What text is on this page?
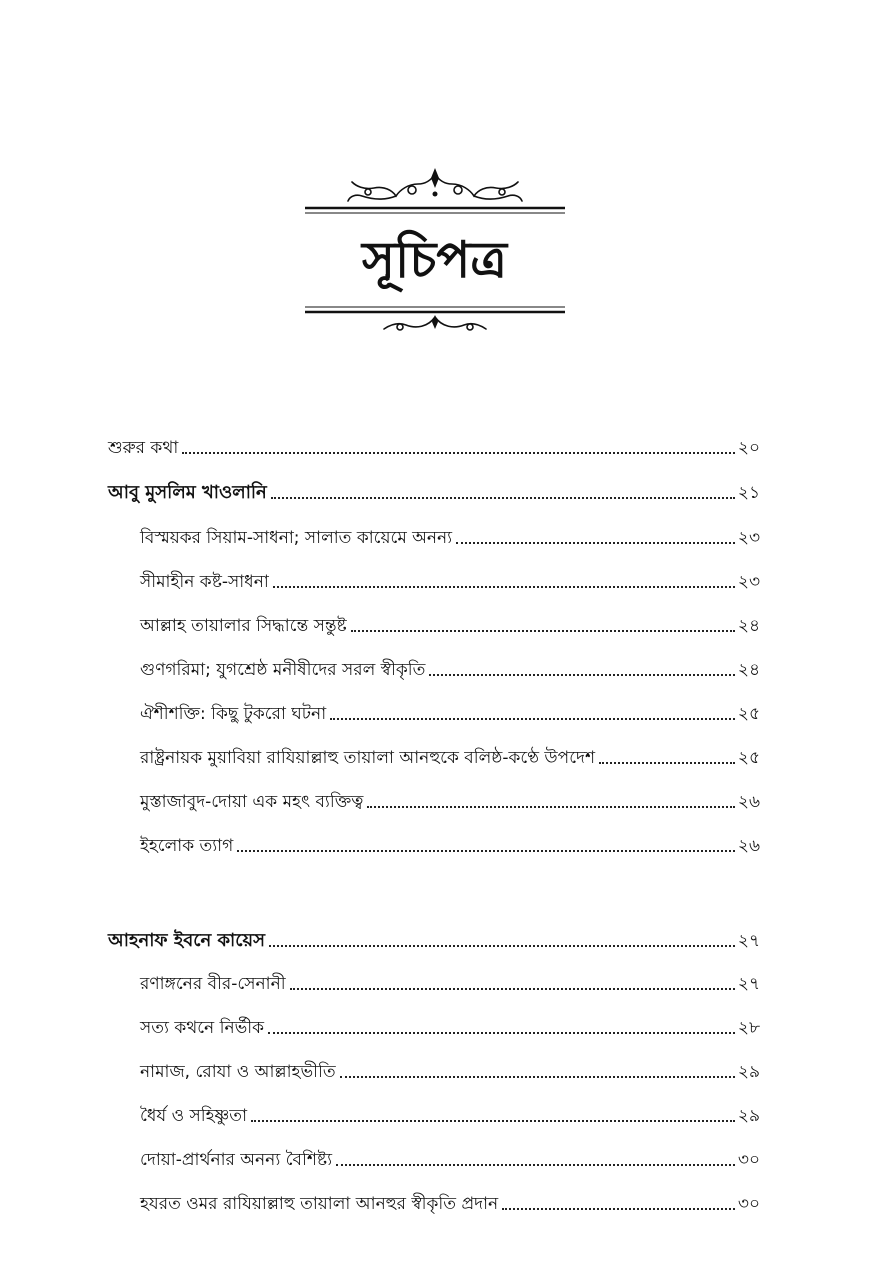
সূচিপত্র
শুরুর কথা	২০
আবু মুসলিম খাওলানি	২১
বিস্ময়কর সিয়াম-সাধনা; সালাত কায়েমে অনন্য	২৩
সীমাহীন কষ্ট-সাধনা	২৩
আল্লাহ তায়ালার সিদ্ধান্তে সন্তুষ্ট	২৪
গুণগরিমা; যুগশ্রেষ্ঠ মনীষীদের সরল স্বীকৃতি	২৪
ঐশীশক্তি: কিছু টুকরো ঘটনা	২৫
রাষ্ট্রনায়ক মুয়াবিয়া রাযিয়াল্লাহু তায়ালা আনহুকে বলিষ্ঠ-কণ্ঠে উপদেশ	২৫
মুস্তাজাবুদ-দোয়া এক মহৎ ব্যক্তিত্ব	২৬
ইহলোক ত্যাগ	২৬
আহনাফ ইবনে কায়েস	২৭
রণাঙ্গনের বীর-সেনানী	২৭
সত্য কথনে নির্ভীক	২৮
নামাজ, রোযা ও আল্লাহভীতি	২৯
ধৈর্য ও সহিষ্ণুতা	২৯
দোয়া-প্রার্থনার অনন্য বৈশিষ্ট্য	৩০
হযরত ওমর রাযিয়াল্লাহু তায়ালা আনহুর স্বীকৃতি প্রদান	৩০
